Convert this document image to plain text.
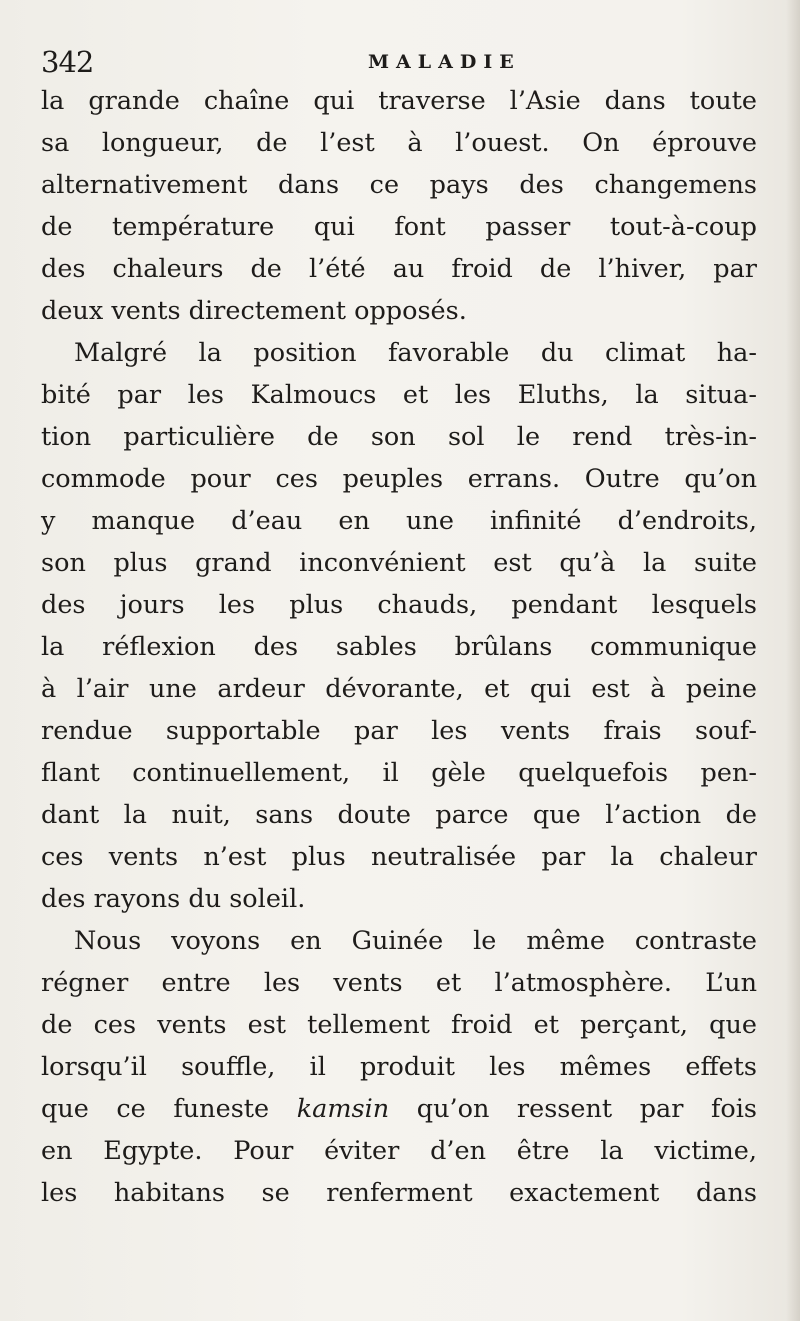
342	MALADIE
la grande chaîne qui traverse l’Asie dans toute
sa longueur, de l’est à l’ouest. On éprouve
alternativement dans ce pays des changemens
de température qui font passer tout-à-coup
des chaleurs de l’été au froid de l’hiver, par
deux vents directement opposés.
Malgré la position favorable du climat ha-
bité par les Kalmoucs et les Eluths, la situa-
tion particulière de son sol le rend très-in-
commode pour ces peuples errans. Outre qu’on
y manque d’eau en une infinité d’endroits,
son plus grand inconvénient est qu’à la suite
des jours les plus chauds, pendant lesquels
la réflexion des sables brûlans communique
à l’air une ardeur dévorante, et qui est à peine
rendue supportable par les vents frais souf-
flant continuellement, il gèle quelquefois pen-
dant la nuit, sans doute parce que l’action de
ces vents n’est plus neutralisée par la chaleur
des rayons du soleil.
Nous voyons en Guinée le même contraste
régner entre les vents et l’atmosphère. L’un
de ces vents est tellement froid et perçant, que
lorsqu’il souffle, il produit les mêmes effets
que ce funeste kamsin qu’on ressent par fois
en Egypte. Pour éviter d’en être la victime,
les habitans se renferment exactement dans
